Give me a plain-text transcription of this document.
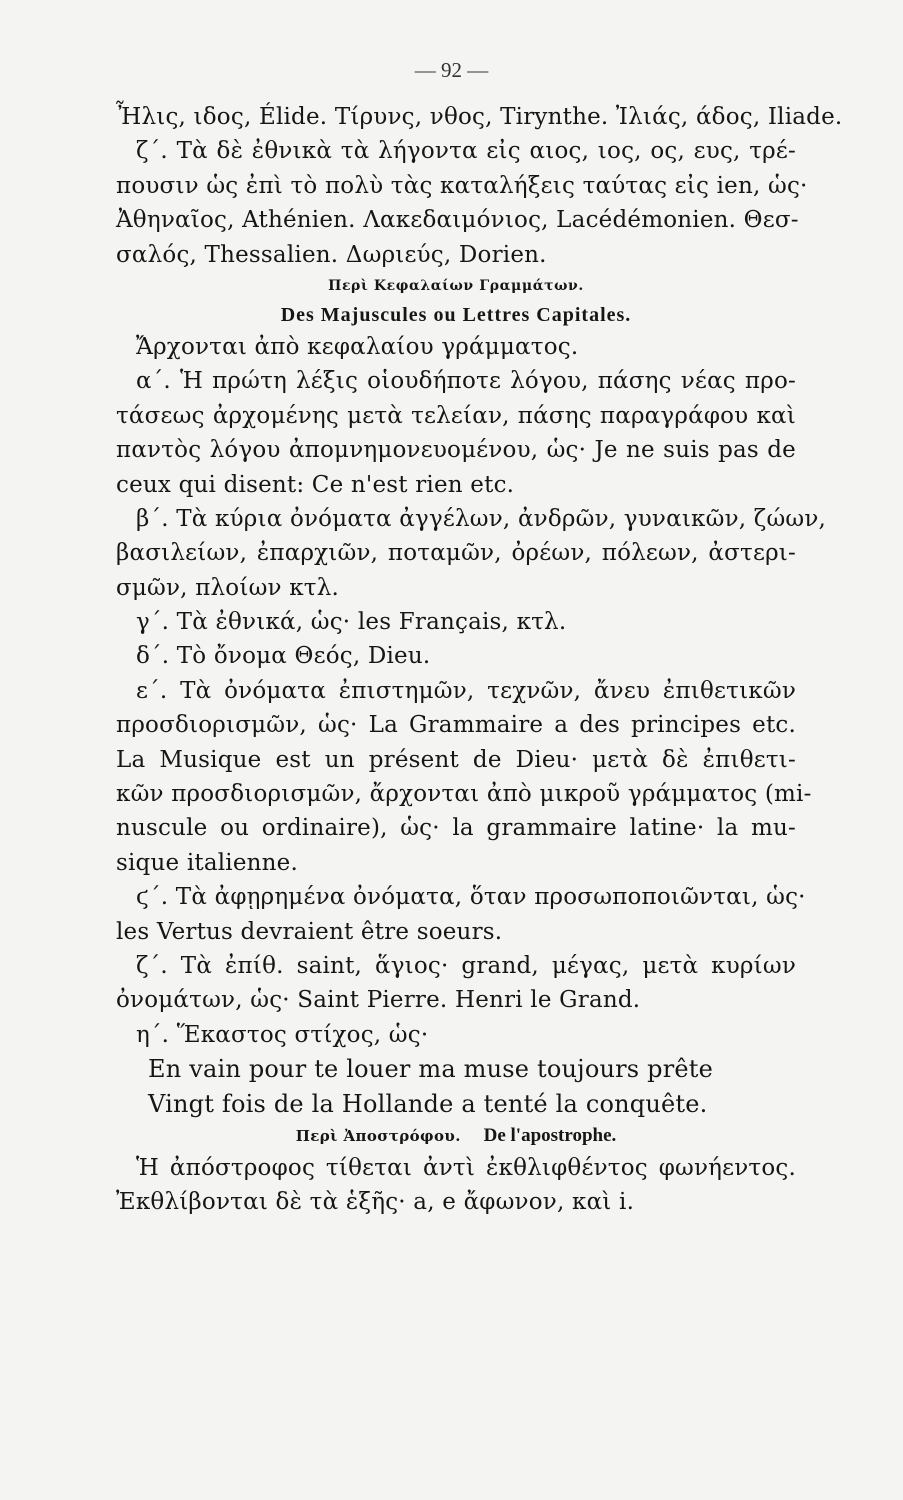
— 92 —
Ἦλις, ιδος, Élide. Τίρυνς, νθος, Tirynthe. Ἰλιάς, άδος, Iliade.
ζ΄. Τὰ δὲ ἐθνικὰ τὰ λήγοντα εἰς αιος, ιος, ος, ευς, τρέ-
πουσιν ὡς ἐπὶ τὸ πολὺ τὰς καταλήξεις ταύτας εἰς ien, ὡς·
Ἀθηναῖος, Athénien. Λακεδαιμόνιος, Lacédémonien. Θεσ-
σαλός, Thessalien. Δωριεύς, Dorien.
Περὶ Κεφαλαίων Γραμμάτων.
Des Majuscules ou Lettres Capitales.
Ἄρχονται ἀπὸ κεφαλαίου γράμματος.
α΄. Ἡ πρώτη λέξις οἱουδήποτε λόγου, πάσης νέας προ-
τάσεως ἀρχομένης μετὰ τελείαν, πάσης παραγράφου καὶ
παντὸς λόγου ἀπομνημονευομένου, ὡς· Je ne suis pas de
ceux qui disent: Ce n'est rien etc.
β΄. Τὰ κύρια ὀνόματα ἀγγέλων, ἀνδρῶν, γυναικῶν, ζώων,
βασιλείων, ἐπαρχιῶν, ποταμῶν, ὀρέων, πόλεων, ἀστερι-
σμῶν, πλοίων κτλ.
γ΄. Τὰ ἐθνικά, ὡς· les Français, κτλ.
δ΄. Τὸ ὄνομα Θεός, Dieu.
ε΄. Τὰ ὀνόματα ἐπιστημῶν, τεχνῶν, ἄνευ ἐπιθετικῶν
προσδιορισμῶν, ὡς· La Grammaire a des principes etc.
La Musique est un présent de Dieu· μετὰ δὲ ἐπιθετι-
κῶν προσδιορισμῶν, ἄρχονται ἀπὸ μικροῦ γράμματος (mi-
nuscule ou ordinaire), ὡς· la grammaire latine· la mu-
sique italienne.
ϛ΄. Τὰ ἀφῃρημένα ὀνόματα, ὅταν προσωποποιῶνται, ὡς·
les Vertus devraient être soeurs.
ζ΄. Τὰ ἐπίθ. saint, ἅγιος· grand, μέγας, μετὰ κυρίων
ὀνομάτων, ὡς· Saint Pierre. Henri le Grand.
η΄. Ἕκαστος στίχος, ὡς·
En vain pour te louer ma muse toujours prête
Vingt fois de la Hollande a tenté la conquête.
Περὶ Ἀποστρόφου. De l'apostrophe.
Ἡ ἀπόστροφος τίθεται ἀντὶ ἐκθλιφθέντος φωνήεντος.
Ἐκθλίβονται δὲ τὰ ἑξῆς· a, e ἄφωνον, καὶ i.
